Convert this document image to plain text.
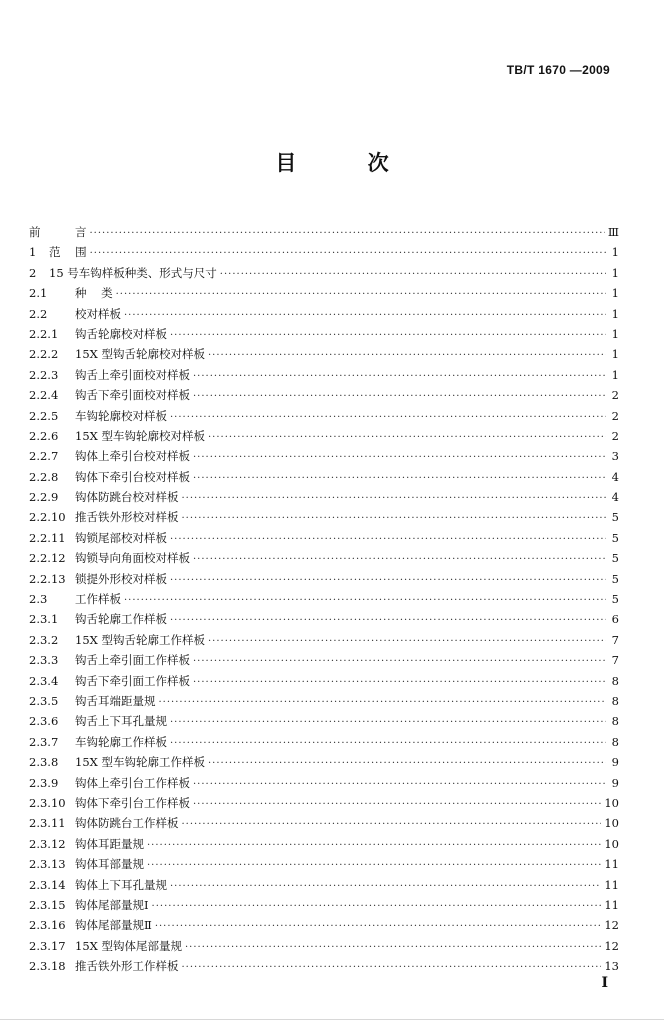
TB/T 1670 —2009
目 次
前	言 ·····	Ⅲ
1	范    围 ·····	1
2	15 号车钩样板种类、形式与尺寸 ·····	1
2.1	种    类 ·····	1
2.2	校对样板 ·····	1
2.2.1	钩舌轮廓校对样板 ·····	1
2.2.2	15X 型钩舌轮廓校对样板 ·····	1
2.2.3	钩舌上牵引面校对样板 ·····	1
2.2.4	钩舌下牵引面校对样板 ·····	2
2.2.5	车钩轮廓校对样板 ·····	2
2.2.6	15X 型车钩轮廓校对样板 ·····	2
2.2.7	钩体上牵引台校对样板 ·····	3
2.2.8	钩体下牵引台校对样板 ·····	4
2.2.9	钩体防跳台校对样板 ·····	4
2.2.10 推舌铁外形校对样板 ·····	5
2.2.11 钩锁尾部校对样板 ·····	5
2.2.12 钩锁导向角面校对样板 ·····	5
2.2.13 锁提外形校对样板 ·····	5
2.3	工作样板 ·····	5
2.3.1	钩舌轮廓工作样板 ·····	6
2.3.2	15X 型钩舌轮廓工作样板 ·····	7
2.3.3	钩舌上牵引面工作样板 ·····	7
2.3.4	钩舌下牵引面工作样板 ·····	8
2.3.5	钩舌耳端距量规 ·····	8
2.3.6	钩舌上下耳孔量规 ·····	8
2.3.7	车钩轮廓工作样板 ·····	8
2.3.8	15X 型车钩轮廓工作样板 ·····	9
2.3.9	钩体上牵引台工作样板 ·····	9
2.3.10 钩体下牵引台工作样板 ·····	10
2.3.11 钩体防跳台工作样板 ·····	10
2.3.12 钩体耳距量规 ·····	10
2.3.13 钩体耳部量规 ·····	11
2.3.14 钩体上下耳孔量规 ·····	11
2.3.15 钩体尾部量规Ⅰ ·····	11
2.3.16 钩体尾部量规Ⅱ ·····	12
2.3.17 15X 型钩体尾部量规 ·····	12
2.3.18 推舌铁外形工作样板 ·····	13
I
